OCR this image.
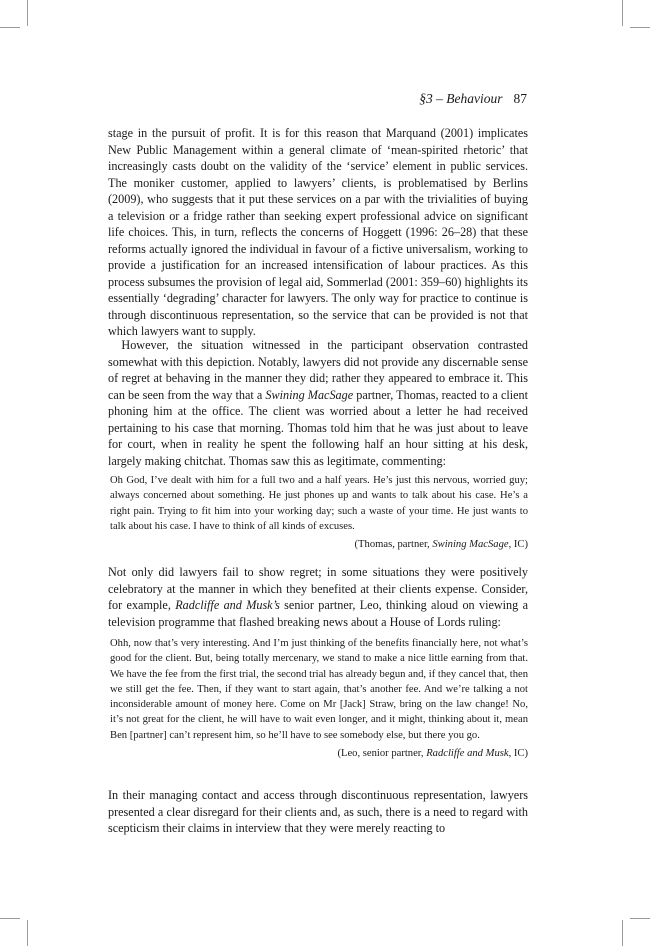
§3 – Behaviour 87
stage in the pursuit of profit. It is for this reason that Marquand (2001) implicates New Public Management within a general climate of ‘mean-spirited rhetoric’ that increasingly casts doubt on the validity of the ‘service’ element in public services. The moniker customer, applied to lawyers’ clients, is problematised by Berlins (2009), who suggests that it put these services on a par with the trivialities of buying a television or a fridge rather than seeking expert professional advice on significant life choices. This, in turn, reflects the concerns of Hoggett (1996: 26–28) that these reforms actually ignored the individual in favour of a fictive universalism, working to provide a justification for an increased intensification of labour practices. As this process subsumes the provision of legal aid, Sommerlad (2001: 359–60) highlights its essentially ‘degrading’ character for lawyers. The only way for practice to continue is through discontinuous representation, so the service that can be provided is not that which lawyers want to supply.
However, the situation witnessed in the participant observation contrasted somewhat with this depiction. Notably, lawyers did not provide any discernable sense of regret at behaving in the manner they did; rather they appeared to embrace it. This can be seen from the way that a Swining MacSage partner, Thomas, reacted to a client phoning him at the office. The client was worried about a letter he had received pertaining to his case that morning. Thomas told him that he was just about to leave for court, when in reality he spent the following half an hour sitting at his desk, largely making chitchat. Thomas saw this as legitimate, commenting:
Oh God, I’ve dealt with him for a full two and a half years. He’s just this nervous, worried guy; always concerned about something. He just phones up and wants to talk about his case. He’s a right pain. Trying to fit him into your working day; such a waste of your time. He just wants to talk about his case. I have to think of all kinds of excuses.
(Thomas, partner, Swining MacSage, IC)
Not only did lawyers fail to show regret; in some situations they were positively celebratory at the manner in which they benefited at their clients expense. Consider, for example, Radcliffe and Musk’s senior partner, Leo, thinking aloud on viewing a television programme that flashed breaking news about a House of Lords ruling:
Ohh, now that’s very interesting. And I’m just thinking of the benefits financially here, not what’s good for the client. But, being totally mercenary, we stand to make a nice little earning from that. We have the fee from the first trial, the second trial has already begun and, if they cancel that, then we still get the fee. Then, if they want to start again, that’s another fee. And we’re talking a not inconsiderable amount of money here. Come on Mr [Jack] Straw, bring on the law change! No, it’s not great for the client, he will have to wait even longer, and it might, thinking about it, mean Ben [partner] can’t represent him, so he’ll have to see somebody else, but there you go.
(Leo, senior partner, Radcliffe and Musk, IC)
In their managing contact and access through discontinuous representation, lawyers presented a clear disregard for their clients and, as such, there is a need to regard with scepticism their claims in interview that they were merely reacting to
